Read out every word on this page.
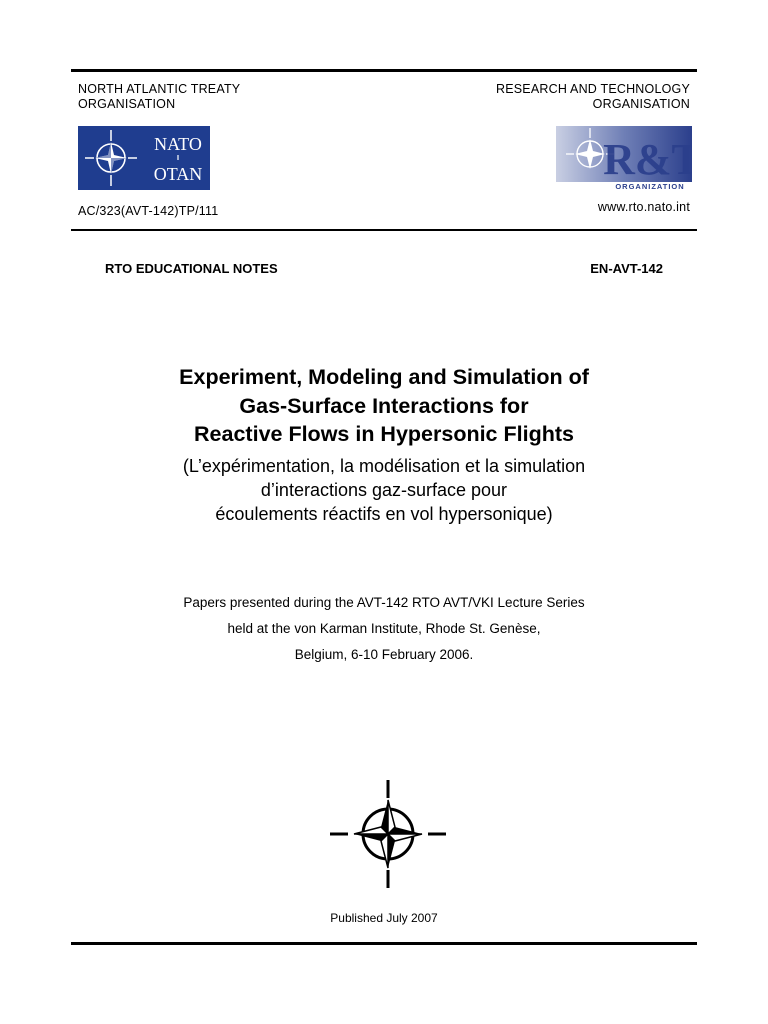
NORTH ATLANTIC TREATY
ORGANISATION
RESEARCH AND TECHNOLOGY
ORGANISATION
NATO
OTAN	R&T
ORGANIZATION
AC/323(AVT-142)TP/111	www.rto.nato.int
RTO EDUCATIONAL NOTES	EN-AVT-142
Experiment, Modeling and Simulation of
Gas-Surface Interactions for
Reactive Flows in Hypersonic Flights
(L’expérimentation, la modélisation et la simulation
d’interactions gaz-surface pour
écoulements réactifs en vol hypersonique)
Papers presented during the AVT-142 RTO AVT/VKI Lecture Series
held at the von Karman Institute, Rhode St. Genèse,
Belgium, 6-10 February 2006.
Published July 2007
